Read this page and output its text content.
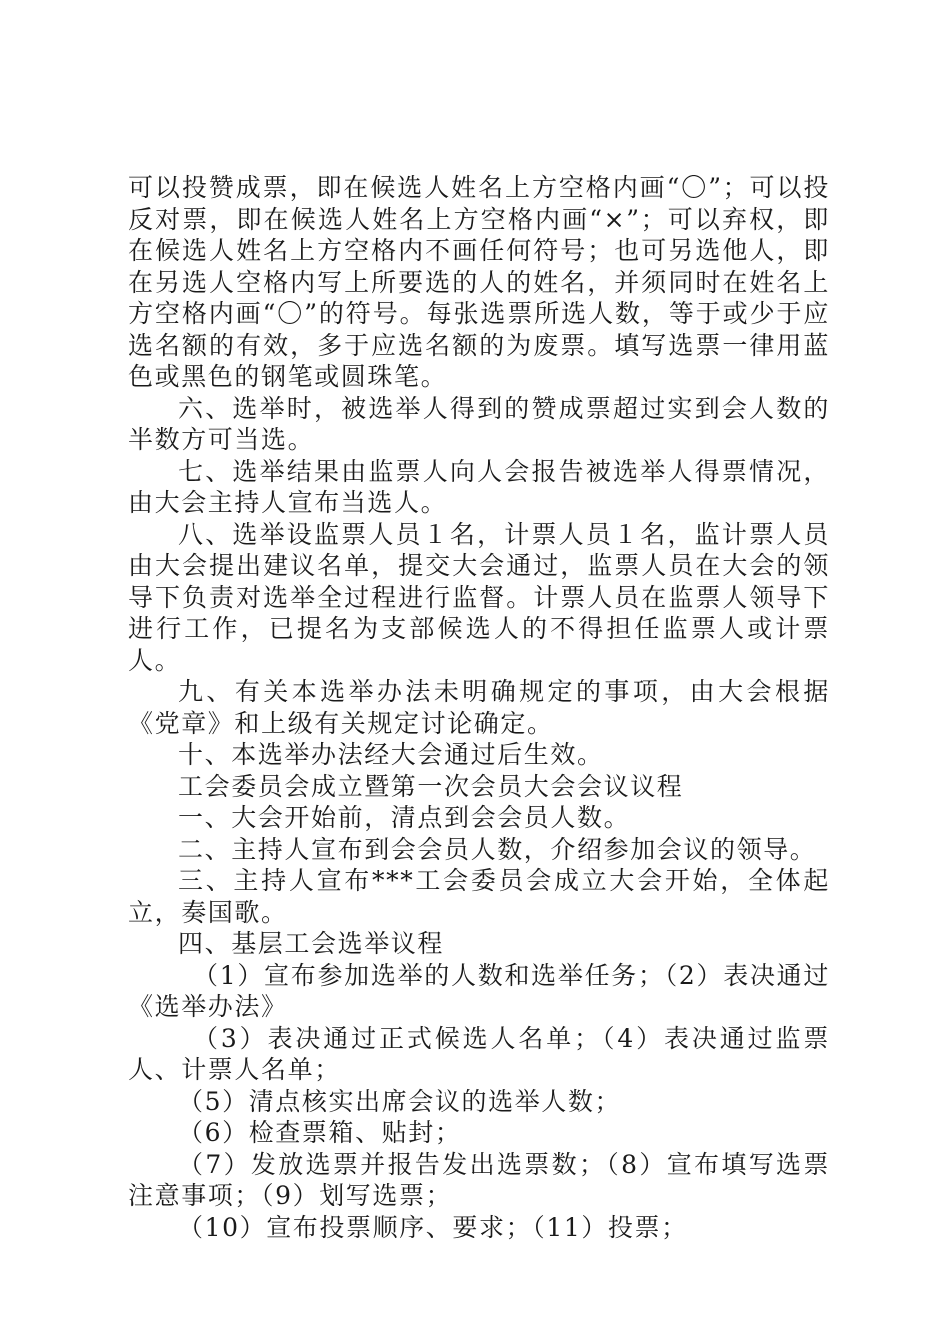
可以投赞成票，即在候选人姓名上方空格内画“〇”；可以投反对票，即在候选人姓名上方空格内画“×”；可以弃权，即在候选人姓名上方空格内不画任何符号；也可另选他人，即在另选人空格内写上所要选的人的姓名，并须同时在姓名上方空格内画“〇”的符号。每张选票所选人数，等于或少于应选名额的有效，多于应选名额的为废票。填写选票一律用蓝色或黑色的钢笔或圆珠笔。

六、选举时，被选举人得到的赞成票超过实到会人数的半数方可当选。

七、选举结果由监票人向人会报告被选举人得票情况，由大会主持人宣布当选人。

八、选举设监票人员１名，计票人员１名，监计票人员由大会提出建议名单，提交大会通过，监票人员在大会的领导下负责对选举全过程进行监督。计票人员在监票人领导下进行工作，已提名为支部候选人的不得担任监票人或计票人。

九、有关本选举办法未明确规定的事项，由大会根据《党章》和上级有关规定讨论确定。

十、本选举办法经大会通过后生效。

工会委员会成立暨第一次会员大会会议议程

一、大会开始前，清点到会会员人数。

二、主持人宣布到会会员人数，介绍参加会议的领导。

三、主持人宣布***工会委员会成立大会开始，全体起立，奏国歌。

四、基层工会选举议程

（1）宣布参加选举的人数和选举任务；（2）表决通过《选举办法》

（3）表决通过正式候选人名单；（4）表决通过监票人、计票人名单；

（5）清点核实出席会议的选举人数；

（6）检查票箱、贴封；

（7）发放选票并报告发出选票数；（8）宣布填写选票注意事项；（9）划写选票；

（10）宣布投票顺序、要求；（11）投票；
